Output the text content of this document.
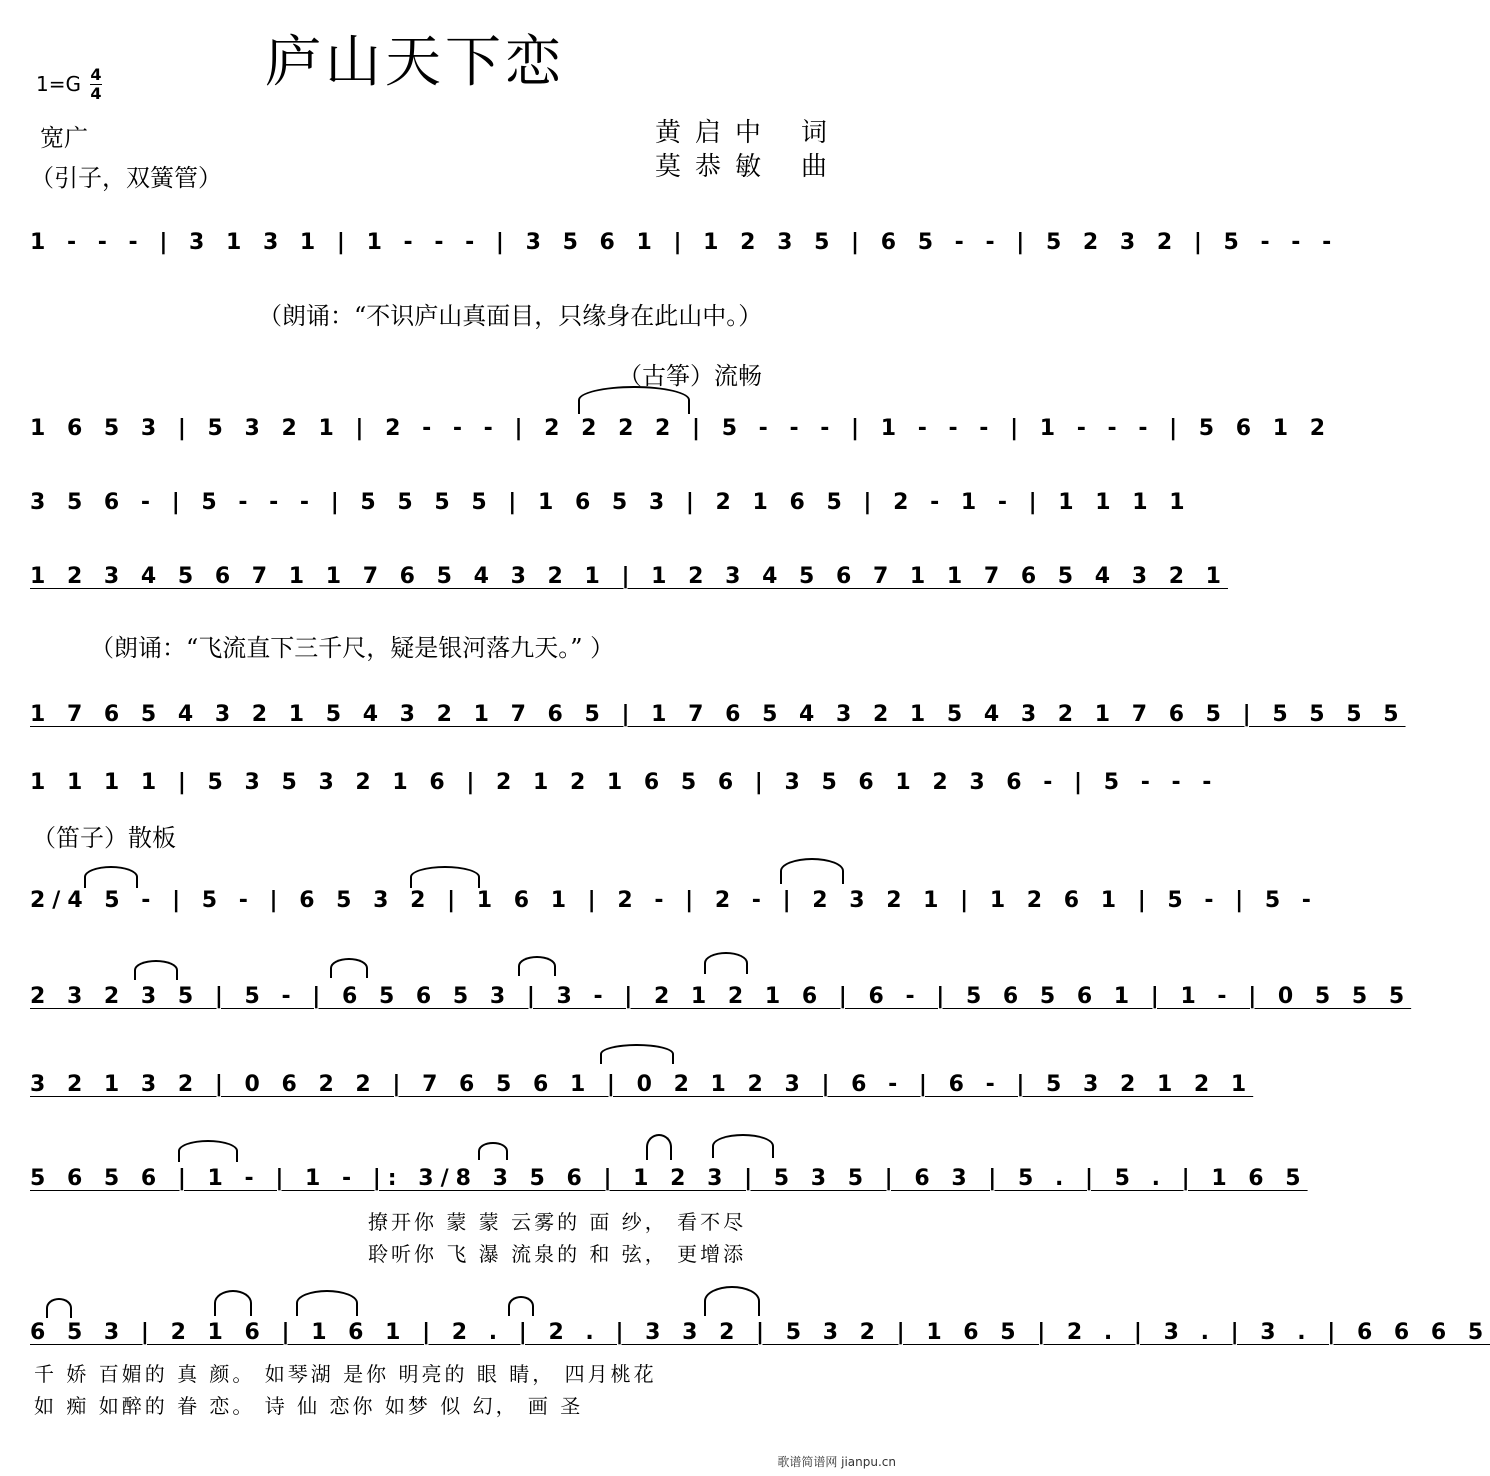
庐山天下恋
1=G 4
4
宽广
（引子，双簧管）
黄启中 词
莫恭敏 曲
1 - - - | 3 1 3 1 | 1 - - - | 3 5 6 1 | 1 2 3 5 | 6 5 - - | 5 2 3 2 | 5 - - -
（朗诵：“不识庐山真面目，只缘身在此山中。）
（古筝）流畅
1 6 5 3 | 5 3 2 1 | 2 - - - | 2 2 2 2 | 5 - - - | 1 - - - | 1 - - - | 5 6 1 2
3 5 6 - | 5 - - - | 5 5 5 5 | 1 6 5 3 | 2 1 6 5 | 2 - 1 - | 1 1 1 1
1 2 3 4 5 6 7 1 1 7 6 5 4 3 2 1 | 1 2 3 4 5 6 7 1 1 7 6 5 4 3 2 1
（朗诵：“飞流直下三千尺，疑是银河落九天。” ）
1 7 6 5 4 3 2 1 5 4 3 2 1 7 6 5 | 1 7 6 5 4 3 2 1 5 4 3 2 1 7 6 5 | 5 5 5 5
1 1 1 1 | 5 3 5 3 2 1 6 | 2 1 2 1 6 5 6 | 3 5 6 1 2 3 6 - | 5 - - -
（笛子）散板
2/4 5 - | 5 - | 6 5 3 2 | 1 6 1 | 2 - | 2 - | 2 3 2 1 | 1 2 6 1 | 5 - | 5 -
2 3 2 3 5 | 5 - | 6 5 6 5 3 | 3 - | 2 1 2 1 6 | 6 - | 5 6 5 6 1 | 1 - | 0 5 5 5
3 2 1 3 2 | 0 6 2 2 | 7 6 5 6 1 | 0 2 1 2 3 | 6 - | 6 - | 5 3 2 1 2 1
5 6 5 6 | 1 - | 1 - |: 3/8 3 5 6 | 1 2 3 | 5 3 5 | 6 3 | 5 . | 5 . | 1 6 5
撩开你 蒙 蒙 云雾的 面 纱， 看不尽
聆听你 飞 瀑 流泉的 和 弦， 更增添
6 5 3 | 2 1 6 | 1 6 1 | 2 . | 2 . | 3 3 2 | 5 3 2 | 1 6 5 | 2 . | 3 . | 3 . | 6 6 6 5
千 娇 百媚的 真 颜。 如琴湖 是你 明亮的 眼 睛， 四月桃花
如 痴 如醉的 眷 恋。 诗 仙 恋你 如梦 似 幻， 画 圣
歌谱简谱网 jianpu.cn
